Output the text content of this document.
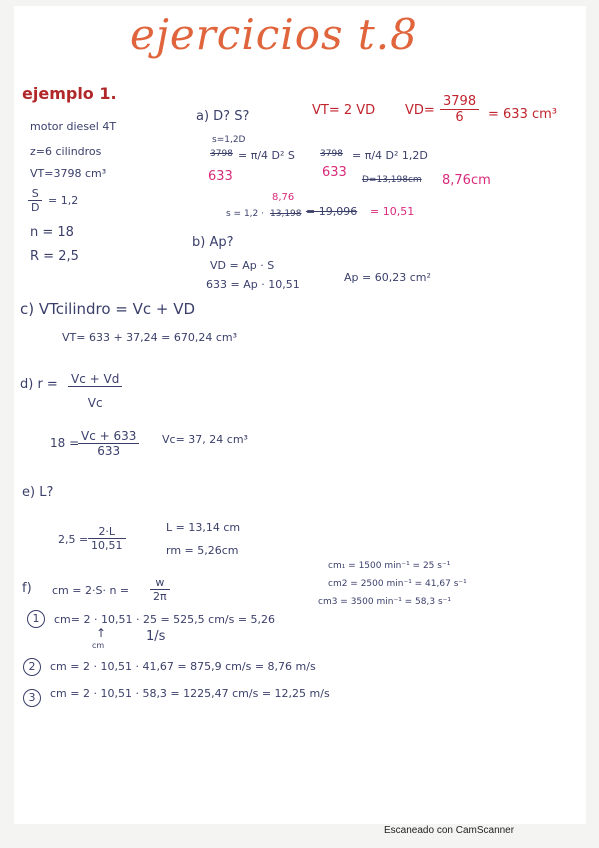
ejercicios t.8
ejemplo 1.
motor diesel 4T
z=6 cilindros
VT=3798 cm³
$\frac{S}{D} = 1,2$
n = 18
R = 2,5
a) D? S?	VT= 2 VD $VD= \frac{3798}{6} = 633$ cm³
s=1,2D
3798 = π/4 D² S
633
3798 = π/4 D² 1,2D
633 D=13,198cm 8,76cm
8,76
s = 1,2 · 13,198 = 19,096 = 10,51
b) Ap?
VD = Ap · S
633 = Ap · 10,51
Ap = 60,23 cm²
c) VTcilindro = Vc + VD
VT= 633 + 37,24 = 670,24 cm³
d) $r = \frac{Vc + Vd}{Vc}$
18 =
$\frac{Vc + 633}{633} Vc= 37$, 24 cm³
e) L?
$2,5 = \frac{2\cdot L}{10,51}$	L = 13,14 cm
rm = 5,26cm
f) cm = $2\cdot S\cdot n = \frac{w}{2\pi}$
cm₁ = 1500 min⁻¹ = 25 s⁻¹
cm2 = 2500 min⁻¹ = 41,67 s⁻¹
cm3 = 3500 min⁻¹ = 58,3 s⁻¹
1	cm= 2 · 10,51 · 25 = 525,5 cm/s = 5,26
↑
cm
1/s
2	cm = 2 · 10,51 · 41,67 = 875,9 cm/s = 8,76 m/s
3	cm = 2 · 10,51 · 58,3 = 1225,47 cm/s = 12,25 m/s
Escaneado con CamScanner
